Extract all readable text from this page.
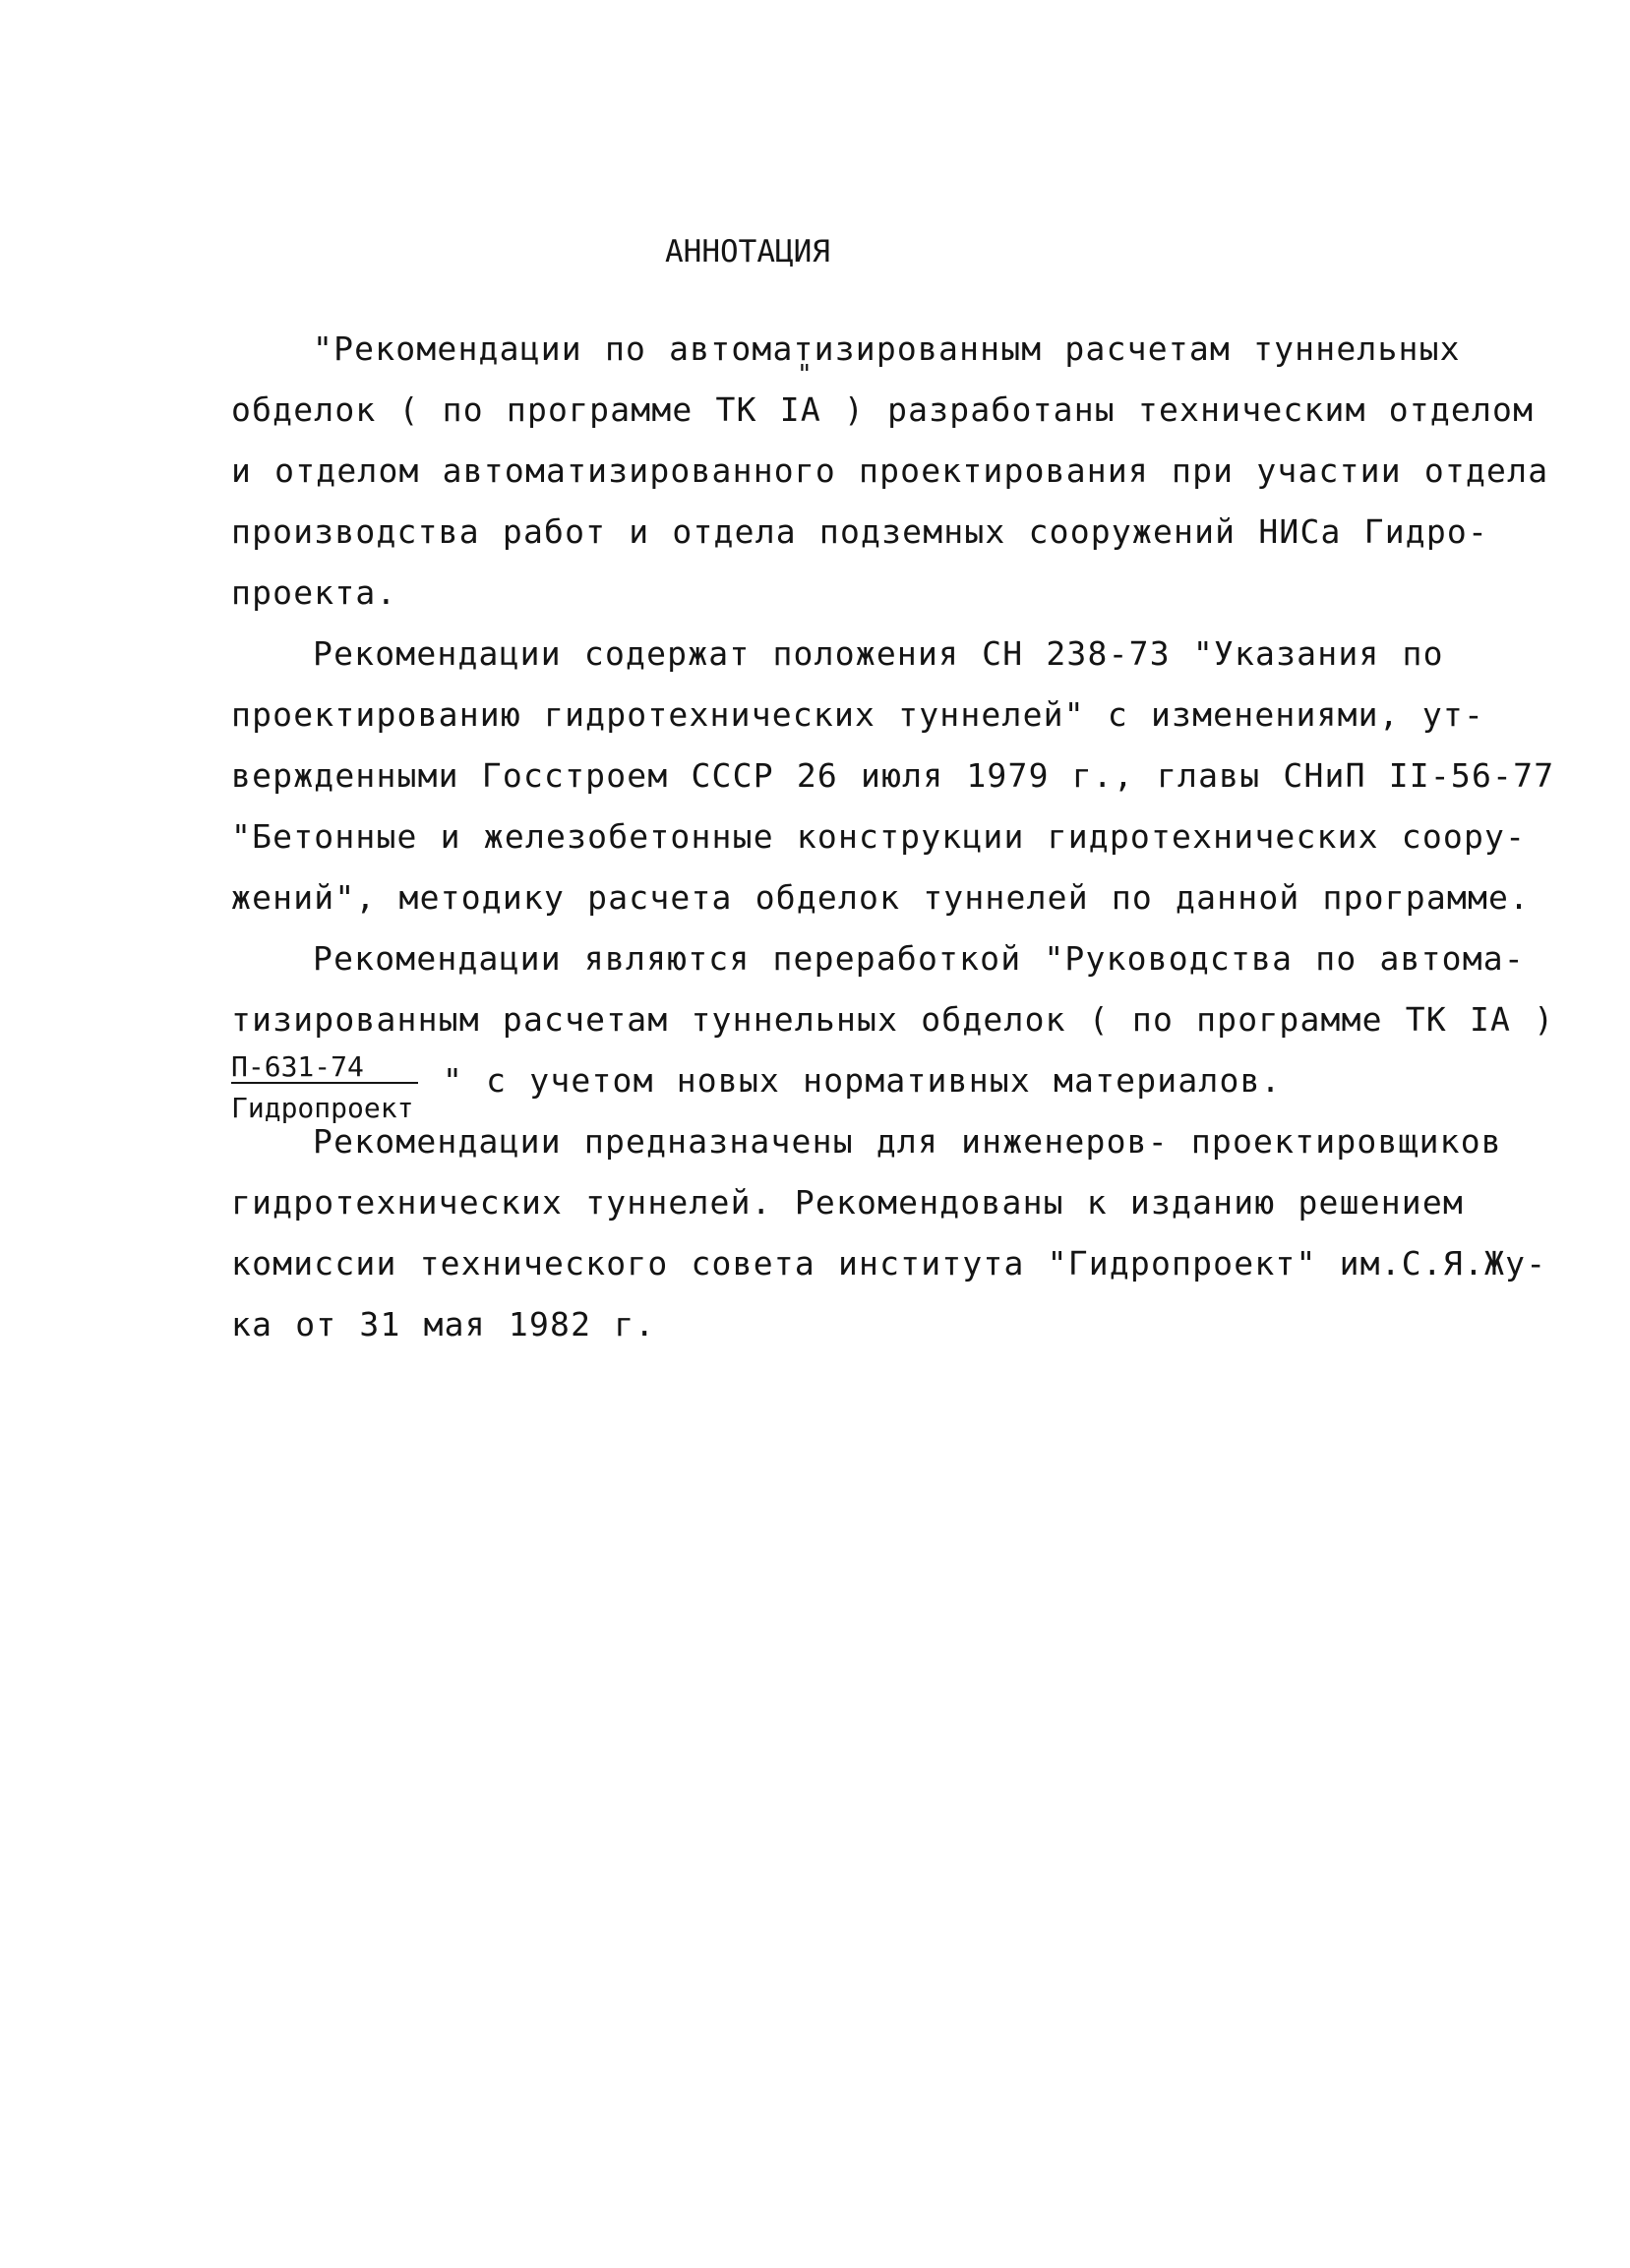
АННОТАЦИЯ
"Рекомендации по автоматизированным расчетам туннельных
"
обделок ( по программе ТК IА ) разработаны техническим отделом
и отделом автоматизированного проектирования при участии отдела
производства работ и отдела подземных сооружений НИСа Гидро-
проекта.
Рекомендации содержат положения СН 238-73 "Указания по
проектированию гидротехнических туннелей" с изменениями, ут-
вержденными Госстроем СССР 26 июля 1979 г., главы СНиП II-56-77
"Бетонные и железобетонные конструкции гидротехнических соору-
жений", методику расчета обделок туннелей по данной программе.
Рекомендации являются переработкой "Руководства по автома-
тизированным расчетам туннельных обделок ( по программе ТК IА )
П-631-74	" с учетом новых нормативных материалов.
Гидропроект
Рекомендации предназначены для инженеров- проектировщиков
гидротехнических туннелей. Рекомендованы к изданию решением
комиссии технического совета института "Гидропроект" им.С.Я.Жу-
ка от 31 мая 1982 г.
